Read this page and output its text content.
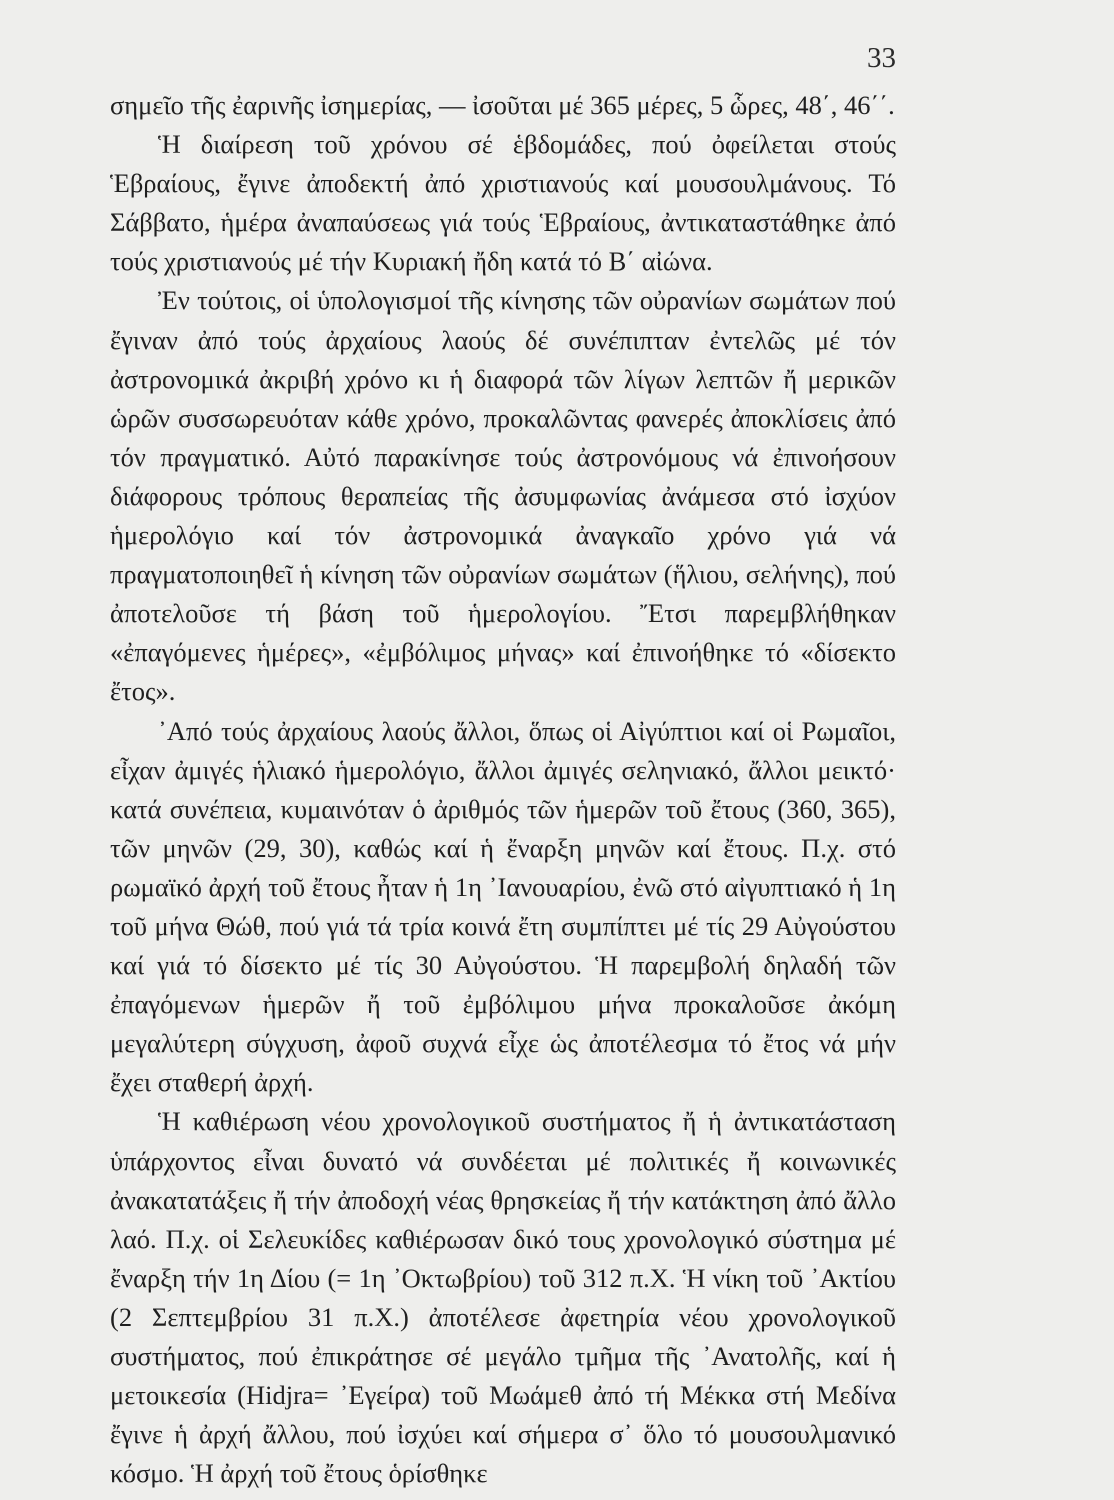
33

σημεῖο τῆς ἐαρινῆς ἰσημερίας, — ἰσοῦται μέ 365 μέρες, 5 ὧρες, 48΄, 46΄΄.

Ἡ διαίρεση τοῦ χρόνου σέ ἑβδομάδες, πού ὀφείλεται στούς Ἑβραίους, ἔγινε ἀποδεκτή ἀπό χριστιανούς καί μουσουλμάνους. Τό Σάββατο, ἡμέρα ἀναπαύσεως γιά τούς Ἑβραίους, ἀντικαταστάθηκε ἀπό τούς χριστιανούς μέ τήν Κυριακή ἤδη κατά τό Β΄ αἰώνα.

Ἐν τούτοις, οἱ ὑπολογισμοί τῆς κίνησης τῶν οὐρανίων σωμάτων πού ἔγιναν ἀπό τούς ἀρχαίους λαούς δέ συνέπιπταν ἐντελῶς μέ τόν ἀστρονομικά ἀκριβή χρόνο κι ἡ διαφορά τῶν λίγων λεπτῶν ἤ μερικῶν ὡρῶν συσσωρευόταν κάθε χρόνο, προκαλῶντας φανερές ἀποκλίσεις ἀπό τόν πραγματικό. Αὐτό παρακίνησε τούς ἀστρονόμους νά ἐπινοήσουν διάφορους τρόπους θεραπείας τῆς ἀσυμφωνίας ἀνάμεσα στό ἰσχύον ἡμερολόγιο καί τόν ἀστρονομικά ἀναγκαῖο χρόνο γιά νά πραγματοποιηθεῖ ἡ κίνηση τῶν οὐρανίων σωμάτων (ἥλιου, σελήνης), πού ἀποτελοῦσε τή βάση τοῦ ἡμερολογίου. Ἔτσι παρεμβλήθηκαν «ἐπαγόμενες ἡμέρες», «ἐμβόλιμος μήνας» καί ἐπινοήθηκε τό «δίσεκτο ἔτος».

᾿Από τούς ἀρχαίους λαούς ἄλλοι, ὅπως οἱ Αἰγύπτιοι καί οἱ Ρωμαῖοι, εἶχαν ἀμιγές ἡλιακό ἡμερολόγιο, ἄλλοι ἀμιγές σεληνιακό, ἄλλοι μεικτό· κατά συνέπεια, κυμαινόταν ὁ ἀριθμός τῶν ἡμερῶν τοῦ ἔτους (360, 365), τῶν μηνῶν (29, 30), καθώς καί ἡ ἔναρξη μηνῶν καί ἔτους. Π.χ. στό ρωμαϊκό ἀρχή τοῦ ἔτους ἦταν ἡ 1η ᾿Ιανουαρίου, ἐνῶ στό αἰγυπτιακό ἡ 1η τοῦ μήνα Θώθ, πού γιά τά τρία κοινά ἔτη συμπίπτει μέ τίς 29 Αὐγούστου καί γιά τό δίσεκτο μέ τίς 30 Αὐγούστου. Ἡ παρεμβολή δηλαδή τῶν ἐπαγόμενων ἡμερῶν ἤ τοῦ ἐμβόλιμου μήνα προκαλοῦσε ἀκόμη μεγαλύτερη σύγχυση, ἀφοῦ συχνά εἶχε ὡς ἀποτέλεσμα τό ἔτος νά μήν ἔχει σταθερή ἀρχή.

Ἡ καθιέρωση νέου χρονολογικοῦ συστήματος ἤ ἡ ἀντικατάσταση ὑπάρχοντος εἶναι δυνατό νά συνδέεται μέ πολιτικές ἤ κοινωνικές ἀνακατατάξεις ἤ τήν ἀποδοχή νέας θρησκείας ἤ τήν κατάκτηση ἀπό ἄλλο λαό. Π.χ. οἱ Σελευκίδες καθιέρωσαν δικό τους χρονολογικό σύστημα μέ ἔναρξη τήν 1η Δίου (= 1η ᾿Οκτωβρίου) τοῦ 312 π.Χ. Ἡ νίκη τοῦ ᾿Ακτίου (2 Σεπτεμβρίου 31 π.Χ.) ἀποτέλεσε ἀφετηρία νέου χρονολογικοῦ συστήματος, πού ἐπικράτησε σέ μεγάλο τμῆμα τῆς ᾿Ανατολῆς, καί ἡ μετοικεσία (Hidjra= ᾿Εγείρα) τοῦ Μωάμεθ ἀπό τή Μέκκα στή Μεδίνα ἔγινε ἡ ἀρχή ἄλλου, πού ἰσχύει καί σήμερα σ᾿ ὅλο τό μουσουλμανικό κόσμο. Ἡ ἀρχή τοῦ ἔτους ὁρίσθηκε
